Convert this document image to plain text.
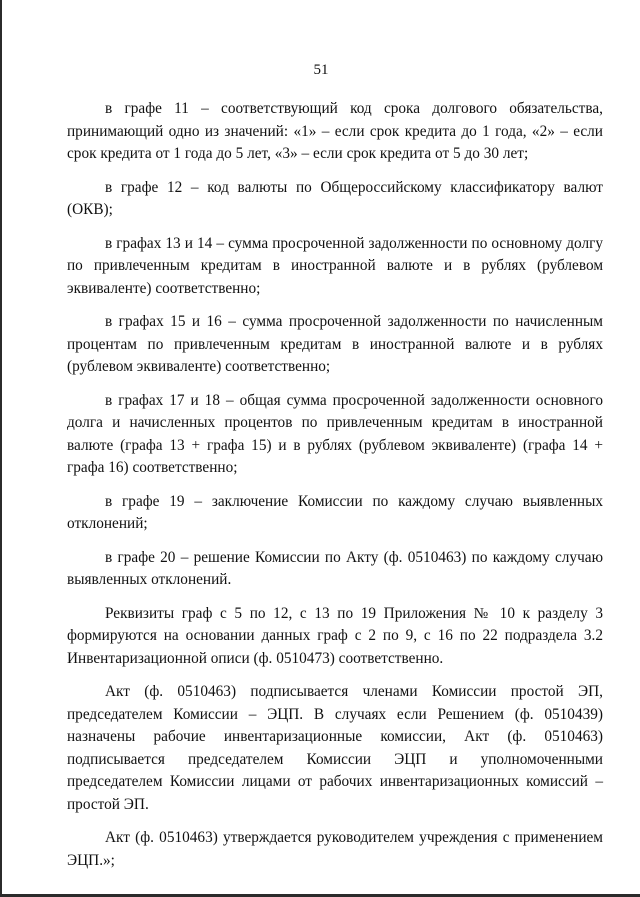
51

в графе 11 – соответствующий код срока долгового обязательства, принимающий одно из значений: «1» – если срок кредита до 1 года, «2» – если срок кредита от 1 года до 5 лет, «3» – если срок кредита от 5 до 30 лет;

в графе 12 – код валюты по Общероссийскому классификатору валют (ОКВ);

в графах 13 и 14 – сумма просроченной задолженности по основному долгу по привлеченным кредитам в иностранной валюте и в рублях (рублевом эквиваленте) соответственно;

в графах 15 и 16 – сумма просроченной задолженности по начисленным процентам по привлеченным кредитам в иностранной валюте и в рублях (рублевом эквиваленте) соответственно;

в графах 17 и 18 – общая сумма просроченной задолженности основного долга и начисленных процентов по привлеченным кредитам в иностранной валюте (графа 13 + графа 15) и в рублях (рублевом эквиваленте) (графа 14 + графа 16) соответственно;

в графе 19 – заключение Комиссии по каждому случаю выявленных отклонений;

в графе 20 – решение Комиссии по Акту (ф. 0510463) по каждому случаю выявленных отклонений.

Реквизиты граф с 5 по 12, с 13 по 19 Приложения № 10 к разделу 3 формируются на основании данных граф с 2 по 9, с 16 по 22 подраздела 3.2 Инвентаризационной описи (ф. 0510473) соответственно.

Акт (ф. 0510463) подписывается членами Комиссии простой ЭП, председателем Комиссии – ЭЦП. В случаях если Решением (ф. 0510439) назначены рабочие инвентаризационные комиссии, Акт (ф. 0510463) подписывается председателем Комиссии ЭЦП и уполномоченными председателем Комиссии лицами от рабочих инвентаризационных комиссий – простой ЭП.

Акт (ф. 0510463) утверждается руководителем учреждения с применением ЭЦП.»;
